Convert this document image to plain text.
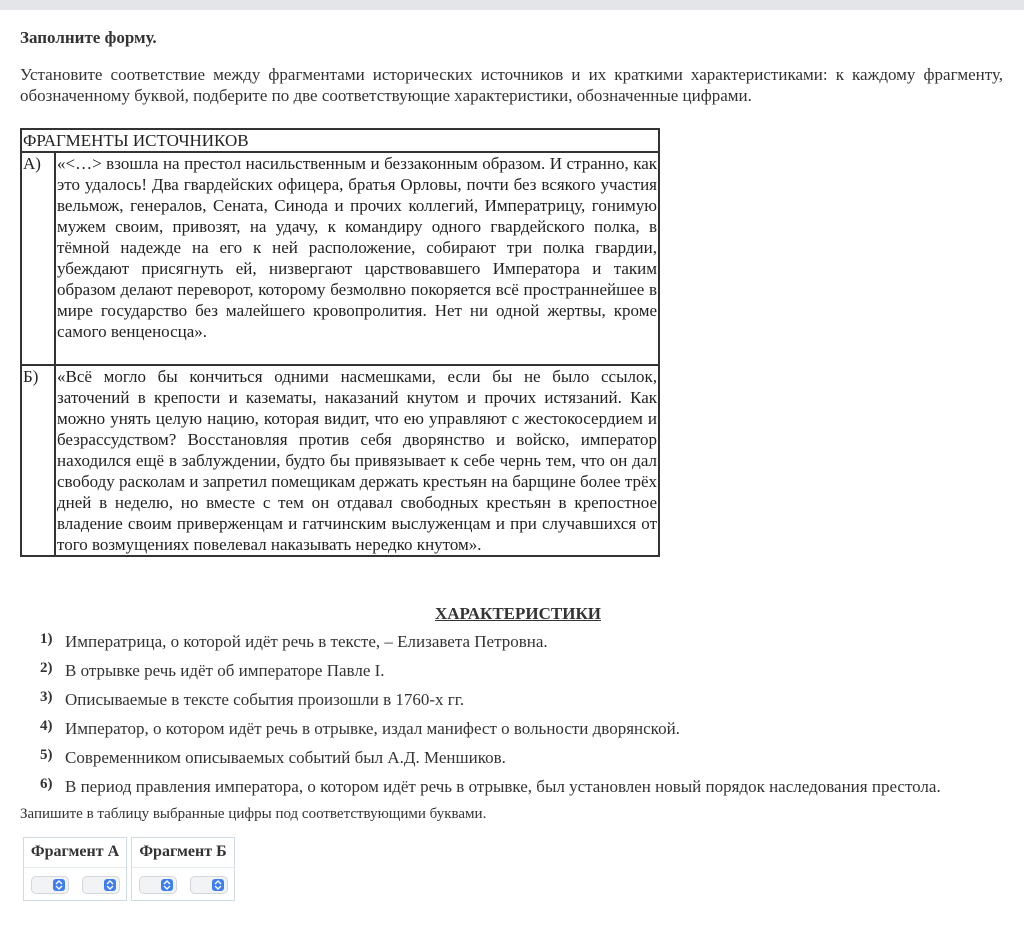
Заполните форму.
Установите соответствие между фрагментами исторических источников и их краткими характеристиками: к каждому фрагменту, обозначенному буквой, подберите по две соответствующие характеристики, обозначенные цифрами.
ФРАГМЕНТЫ ИСТОЧНИКОВ	
А)	«<…> взошла на престол насильственным и беззаконным образом. И странно, как это удалось! Два гвардейских офицера, братья Орловы, почти без всякого участия вельмож, генералов, Сената, Синода и прочих коллегий, Императрицу, гонимую мужем своим, привозят, на удачу, к командиру одного гвардейского полка, в тёмной надежде на его к ней расположение, собирают три полка гвардии, убеждают присягнуть ей, низвергают царствовавшего Императора и таким образом делают переворот, которому безмолвно покоряется всё пространнейшее в мире государство без малейшего кровопролития. Нет ни одной жертвы, кроме самого венценосца».
Б)	«Всё могло бы кончиться одними насмешками, если бы не было ссылок, заточений в крепости и казематы, наказаний кнутом и прочих истязаний. Как можно унять целую нацию, которая видит, что ею управляют с жестокосердием и безрассудством? Восстановляя против себя дворянство и войско, император находился ещё в заблуждении, будто бы привязывает к себе чернь тем, что он дал свободу расколам и запретил помещикам держать крестьян на барщине более трёх дней в неделю, но вместе с тем он отдавал свободных крестьян в крепостное владение своим приверженцам и гатчинским выслуженцам и при случавшихся от того возмущениях повелевал наказывать нередко кнутом».
ХАРАКТЕРИСТИКИ
1) Императрица, о которой идёт речь в тексте, – Елизавета Петровна.
2) В отрывке речь идёт об императоре Павле I.
3) Описываемые в тексте события произошли в 1760-х гг.
4) Император, о котором идёт речь в отрывке, издал манифест о вольности дворянской.
5) Современником описываемых событий был А.Д. Меншиков.
6) В период правления императора, о котором идёт речь в отрывке, был установлен новый порядок наследования престола.
Запишите в таблицу выбранные цифры под соответствующими буквами.
Фрагмент А	Фрагмент Б
